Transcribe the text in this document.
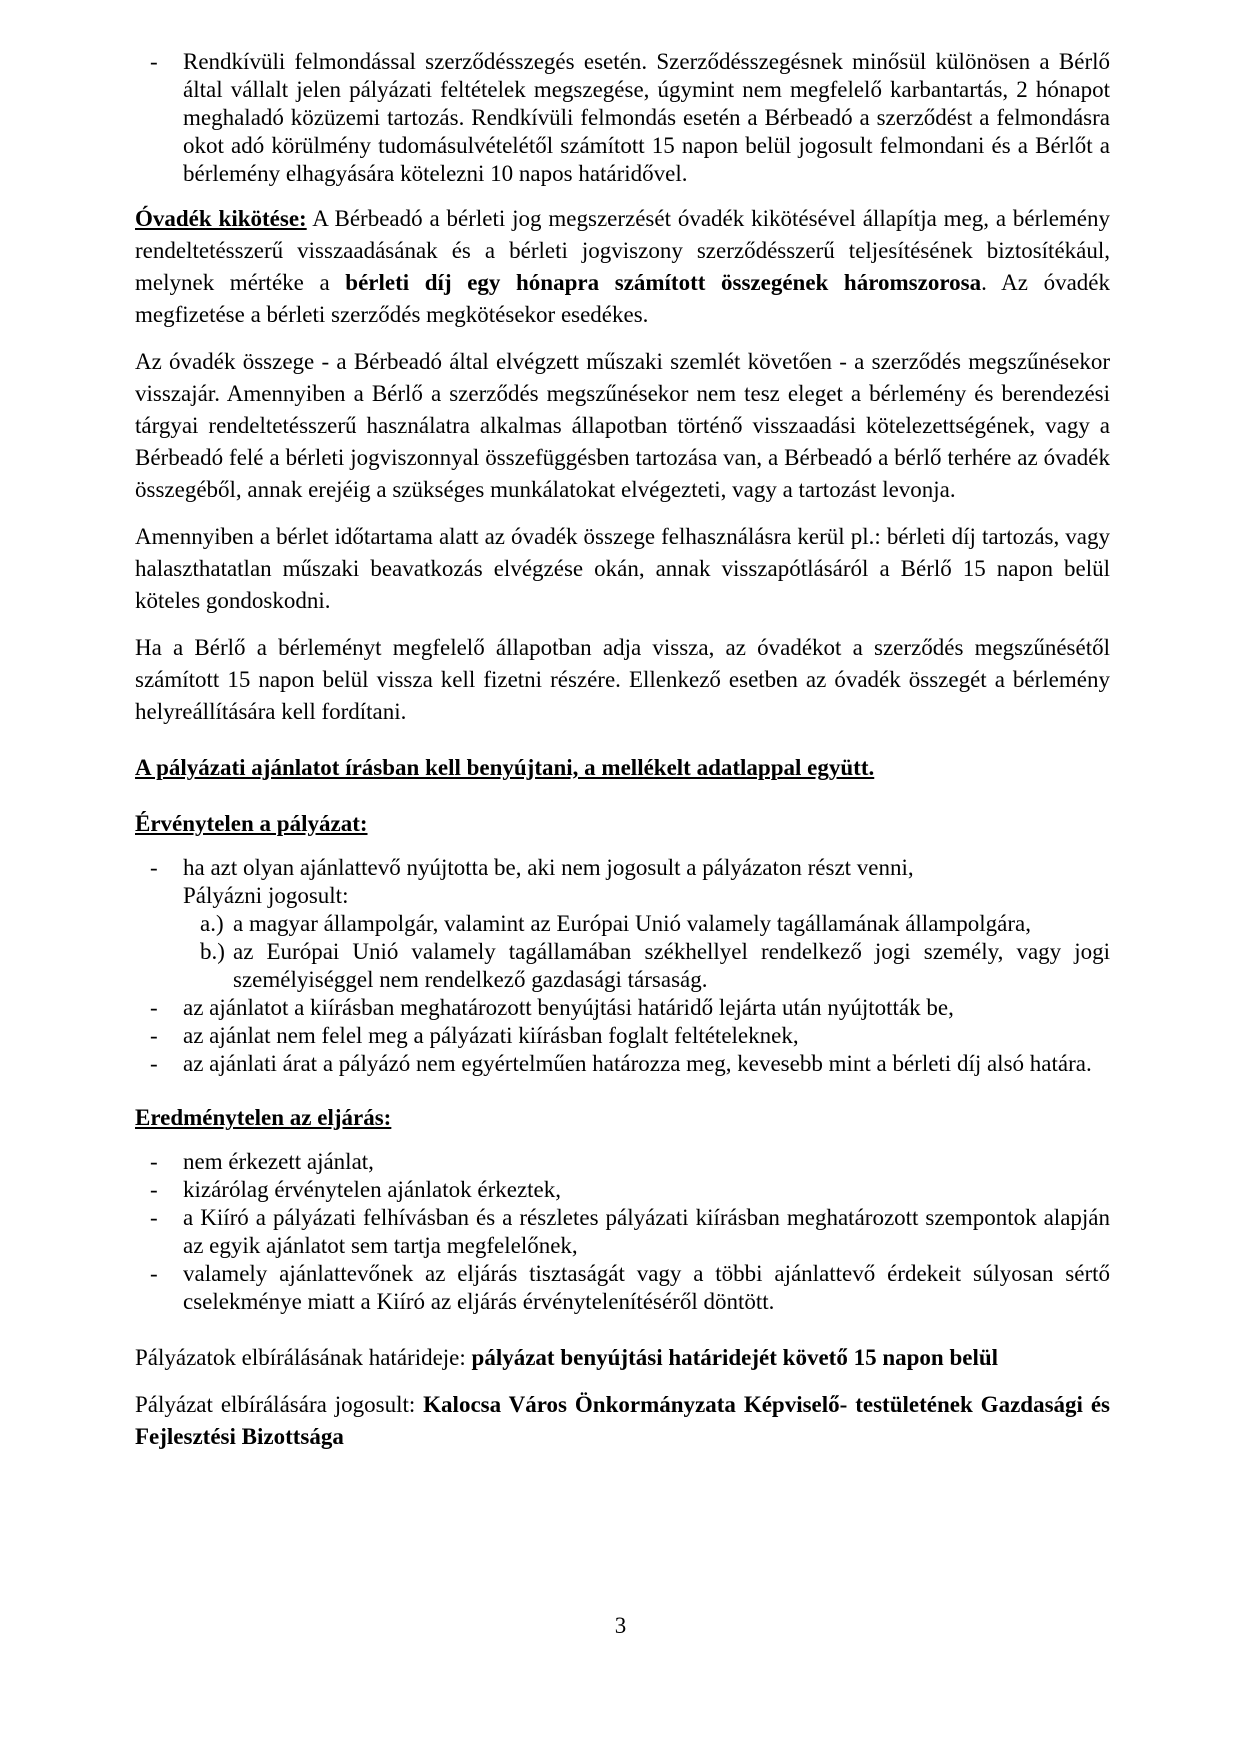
-	Rendkívüli felmondással szerződésszegés esetén. Szerződésszegésnek minősül különösen a Bérlő által vállalt jelen pályázati feltételek megszegése, úgymint nem megfelelő karbantartás, 2 hónapot meghaladó közüzemi tartozás. Rendkívüli felmondás esetén a Bérbeadó a szerződést a felmondásra okot adó körülmény tudomásulvételétől számított 15 napon belül jogosult felmondani és a Bérlőt a bérlemény elhagyására kötelezni 10 napos határidővel.

Óvadék kikötése: A Bérbeadó a bérleti jog megszerzését óvadék kikötésével állapítja meg, a bérlemény rendeltetésszerű visszaadásának és a bérleti jogviszony szerződésszerű teljesítésének biztosítékául, melynek mértéke a bérleti díj egy hónapra számított összegének háromszorosa. Az óvadék megfizetése a bérleti szerződés megkötésekor esedékes.

Az óvadék összege - a Bérbeadó által elvégzett műszaki szemlét követően - a szerződés megszűnésekor visszajár. Amennyiben a Bérlő a szerződés megszűnésekor nem tesz eleget a bérlemény és berendezési tárgyai rendeltetésszerű használatra alkalmas állapotban történő visszaadási kötelezettségének, vagy a Bérbeadó felé a bérleti jogviszonnyal összefüggésben tartozása van, a Bérbeadó a bérlő terhére az óvadék összegéből, annak erejéig a szükséges munkálatokat elvégezteti, vagy a tartozást levonja.

Amennyiben a bérlet időtartama alatt az óvadék összege felhasználásra kerül pl.: bérleti díj tartozás, vagy halaszthatatlan műszaki beavatkozás elvégzése okán, annak visszapótlásáról a Bérlő 15 napon belül köteles gondoskodni.

Ha a Bérlő a bérleményt megfelelő állapotban adja vissza, az óvadékot a szerződés megszűnésétől számított 15 napon belül vissza kell fizetni részére. Ellenkező esetben az óvadék összegét a bérlemény helyreállítására kell fordítani.

A pályázati ajánlatot írásban kell benyújtani, a mellékelt adatlappal együtt.

Érvénytelen a pályázat:

-	ha azt olyan ajánlattevő nyújtotta be, aki nem jogosult a pályázaton részt venni,
Pályázni jogosult:
a.) a magyar állampolgár, valamint az Európai Unió valamely tagállamának állampolgára,
b.) az Európai Unió valamely tagállamában székhellyel rendelkező jogi személy, vagy jogi személyiséggel nem rendelkező gazdasági társaság.
-	az ajánlatot a kiírásban meghatározott benyújtási határidő lejárta után nyújtották be,
-	az ajánlat nem felel meg a pályázati kiírásban foglalt feltételeknek,
-	az ajánlati árat a pályázó nem egyértelműen határozza meg, kevesebb mint a bérleti díj alsó határa.

Eredménytelen az eljárás:

-	nem érkezett ajánlat,
-	kizárólag érvénytelen ajánlatok érkeztek,
-	a Kiíró a pályázati felhívásban és a részletes pályázati kiírásban meghatározott szempontok alapján az egyik ajánlatot sem tartja megfelelőnek,
-	valamely ajánlattevőnek az eljárás tisztaságát vagy a többi ajánlattevő érdekeit súlyosan sértő cselekménye miatt a Kiíró az eljárás érvénytelenítéséről döntött.

Pályázatok elbírálásának határideje: pályázat benyújtási határidejét követő 15 napon belül

Pályázat elbírálására jogosult: Kalocsa Város Önkormányzata Képviselő- testületének Gazdasági és Fejlesztési Bizottsága

3
